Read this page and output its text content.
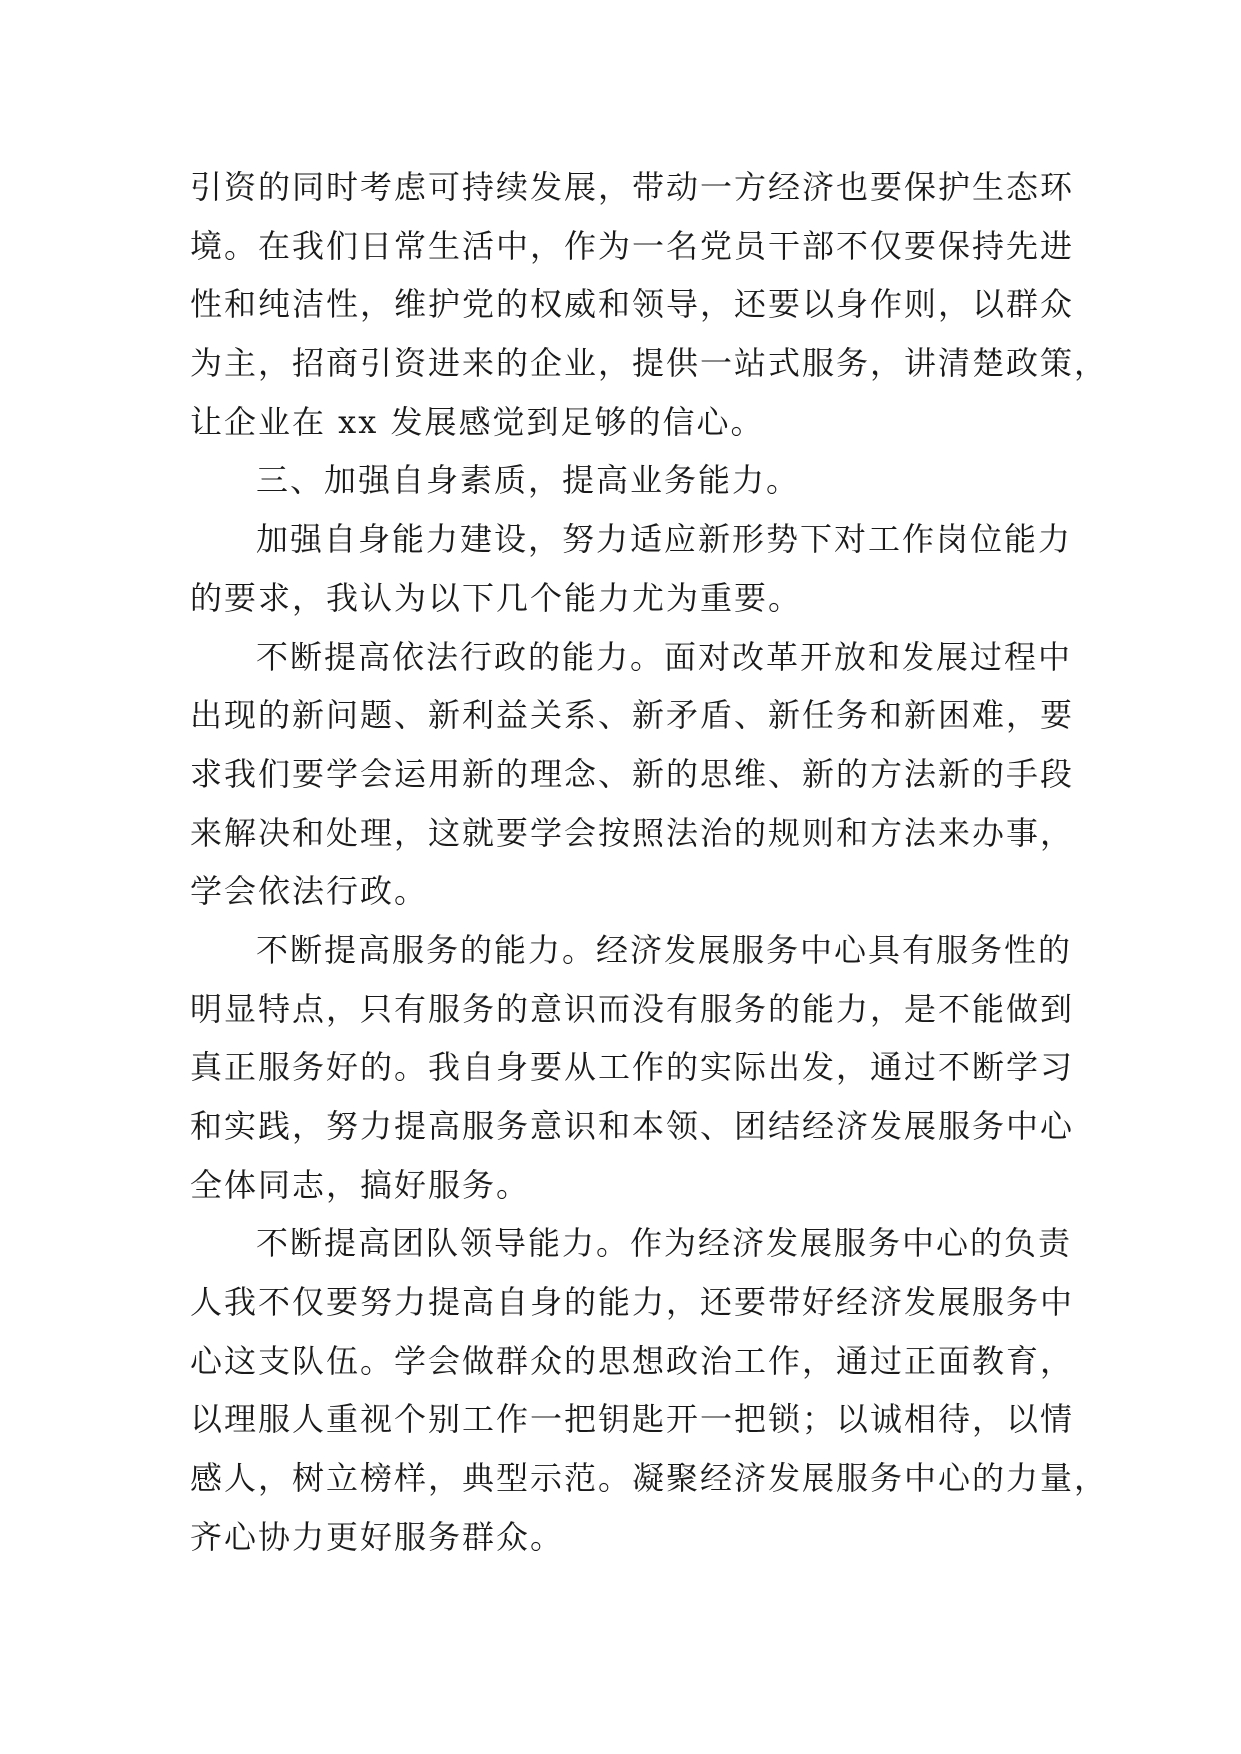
引资的同时考虑可持续发展，带动一方经济也要保护生态环
境。在我们日常生活中，作为一名党员干部不仅要保持先进
性和纯洁性，维护党的权威和领导，还要以身作则，以群众
为主，招商引资进来的企业，提供一站式服务，讲清楚政策，
让企业在 xx 发展感觉到足够的信心。
三、加强自身素质，提高业务能力。
加强自身能力建设，努力适应新形势下对工作岗位能力
的要求，我认为以下几个能力尤为重要。
不断提高依法行政的能力。面对改革开放和发展过程中
出现的新问题、新利益关系、新矛盾、新任务和新困难，要
求我们要学会运用新的理念、新的思维、新的方法新的手段
来解决和处理，这就要学会按照法治的规则和方法来办事，
学会依法行政。
不断提高服务的能力。经济发展服务中心具有服务性的
明显特点，只有服务的意识而没有服务的能力，是不能做到
真正服务好的。我自身要从工作的实际出发，通过不断学习
和实践，努力提高服务意识和本领、团结经济发展服务中心
全体同志，搞好服务。
不断提高团队领导能力。作为经济发展服务中心的负责
人我不仅要努力提高自身的能力，还要带好经济发展服务中
心这支队伍。学会做群众的思想政治工作，通过正面教育，
以理服人重视个别工作一把钥匙开一把锁；以诚相待，以情
感人，树立榜样，典型示范。凝聚经济发展服务中心的力量，
齐心协力更好服务群众。
